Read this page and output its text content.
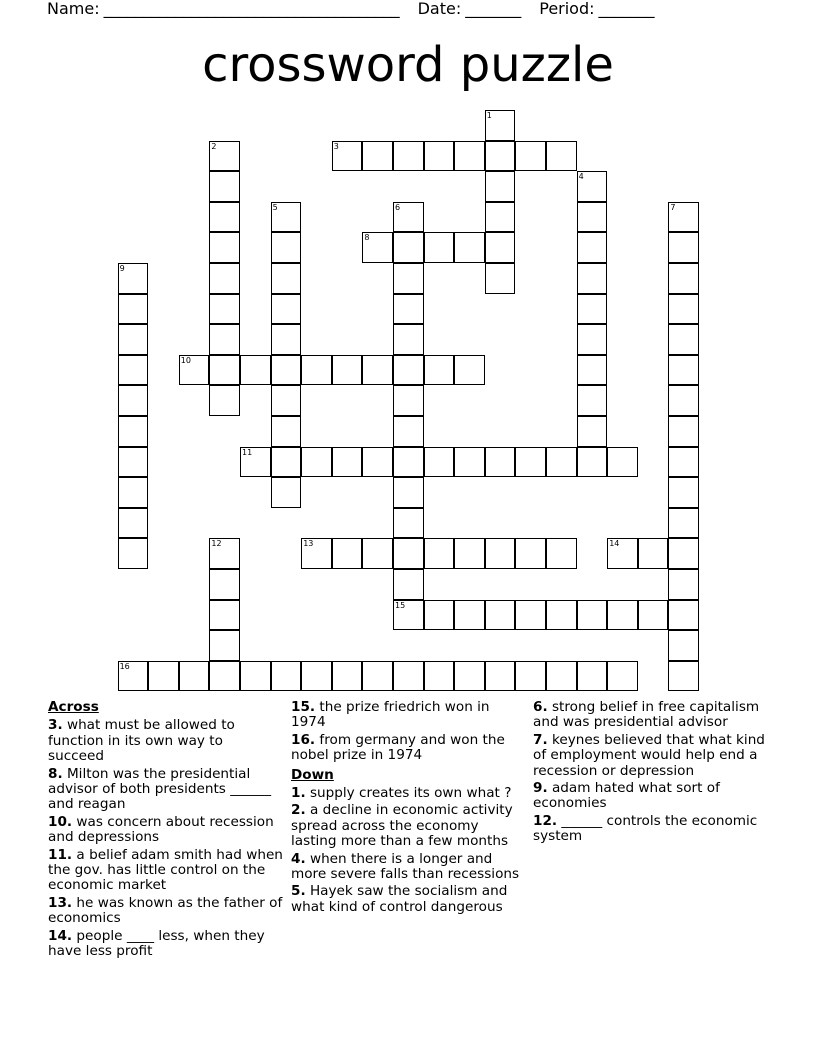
Name: _____________________________________ Date: _______ Period: _______
crossword puzzle
1
2	3
4
5	6	7
8
9
10
11
12	13	14
15
16
Across
3. what must be allowed to function in its own way to succeed
8. Milton was the presidential advisor of both presidents ______ and reagan
10. was concern about recession and depressions
11. a belief adam smith had when the gov. has little control on the economic market
13. he was known as the father of economics
14. people ____ less, when they have less profit
15. the prize friedrich won in 1974
16. from germany and won the nobel prize in 1974
Down
1. supply creates its own what ?
2. a decline in economic activity spread across the economy lasting more than a few months
4. when there is a longer and more severe falls than recessions
5. Hayek saw the socialism and what kind of control dangerous
6. strong belief in free capitalism and was presidential advisor
7. keynes believed that what kind of employment would help end a recession or depression
9. adam hated what sort of economies
12. ______ controls the economic system
